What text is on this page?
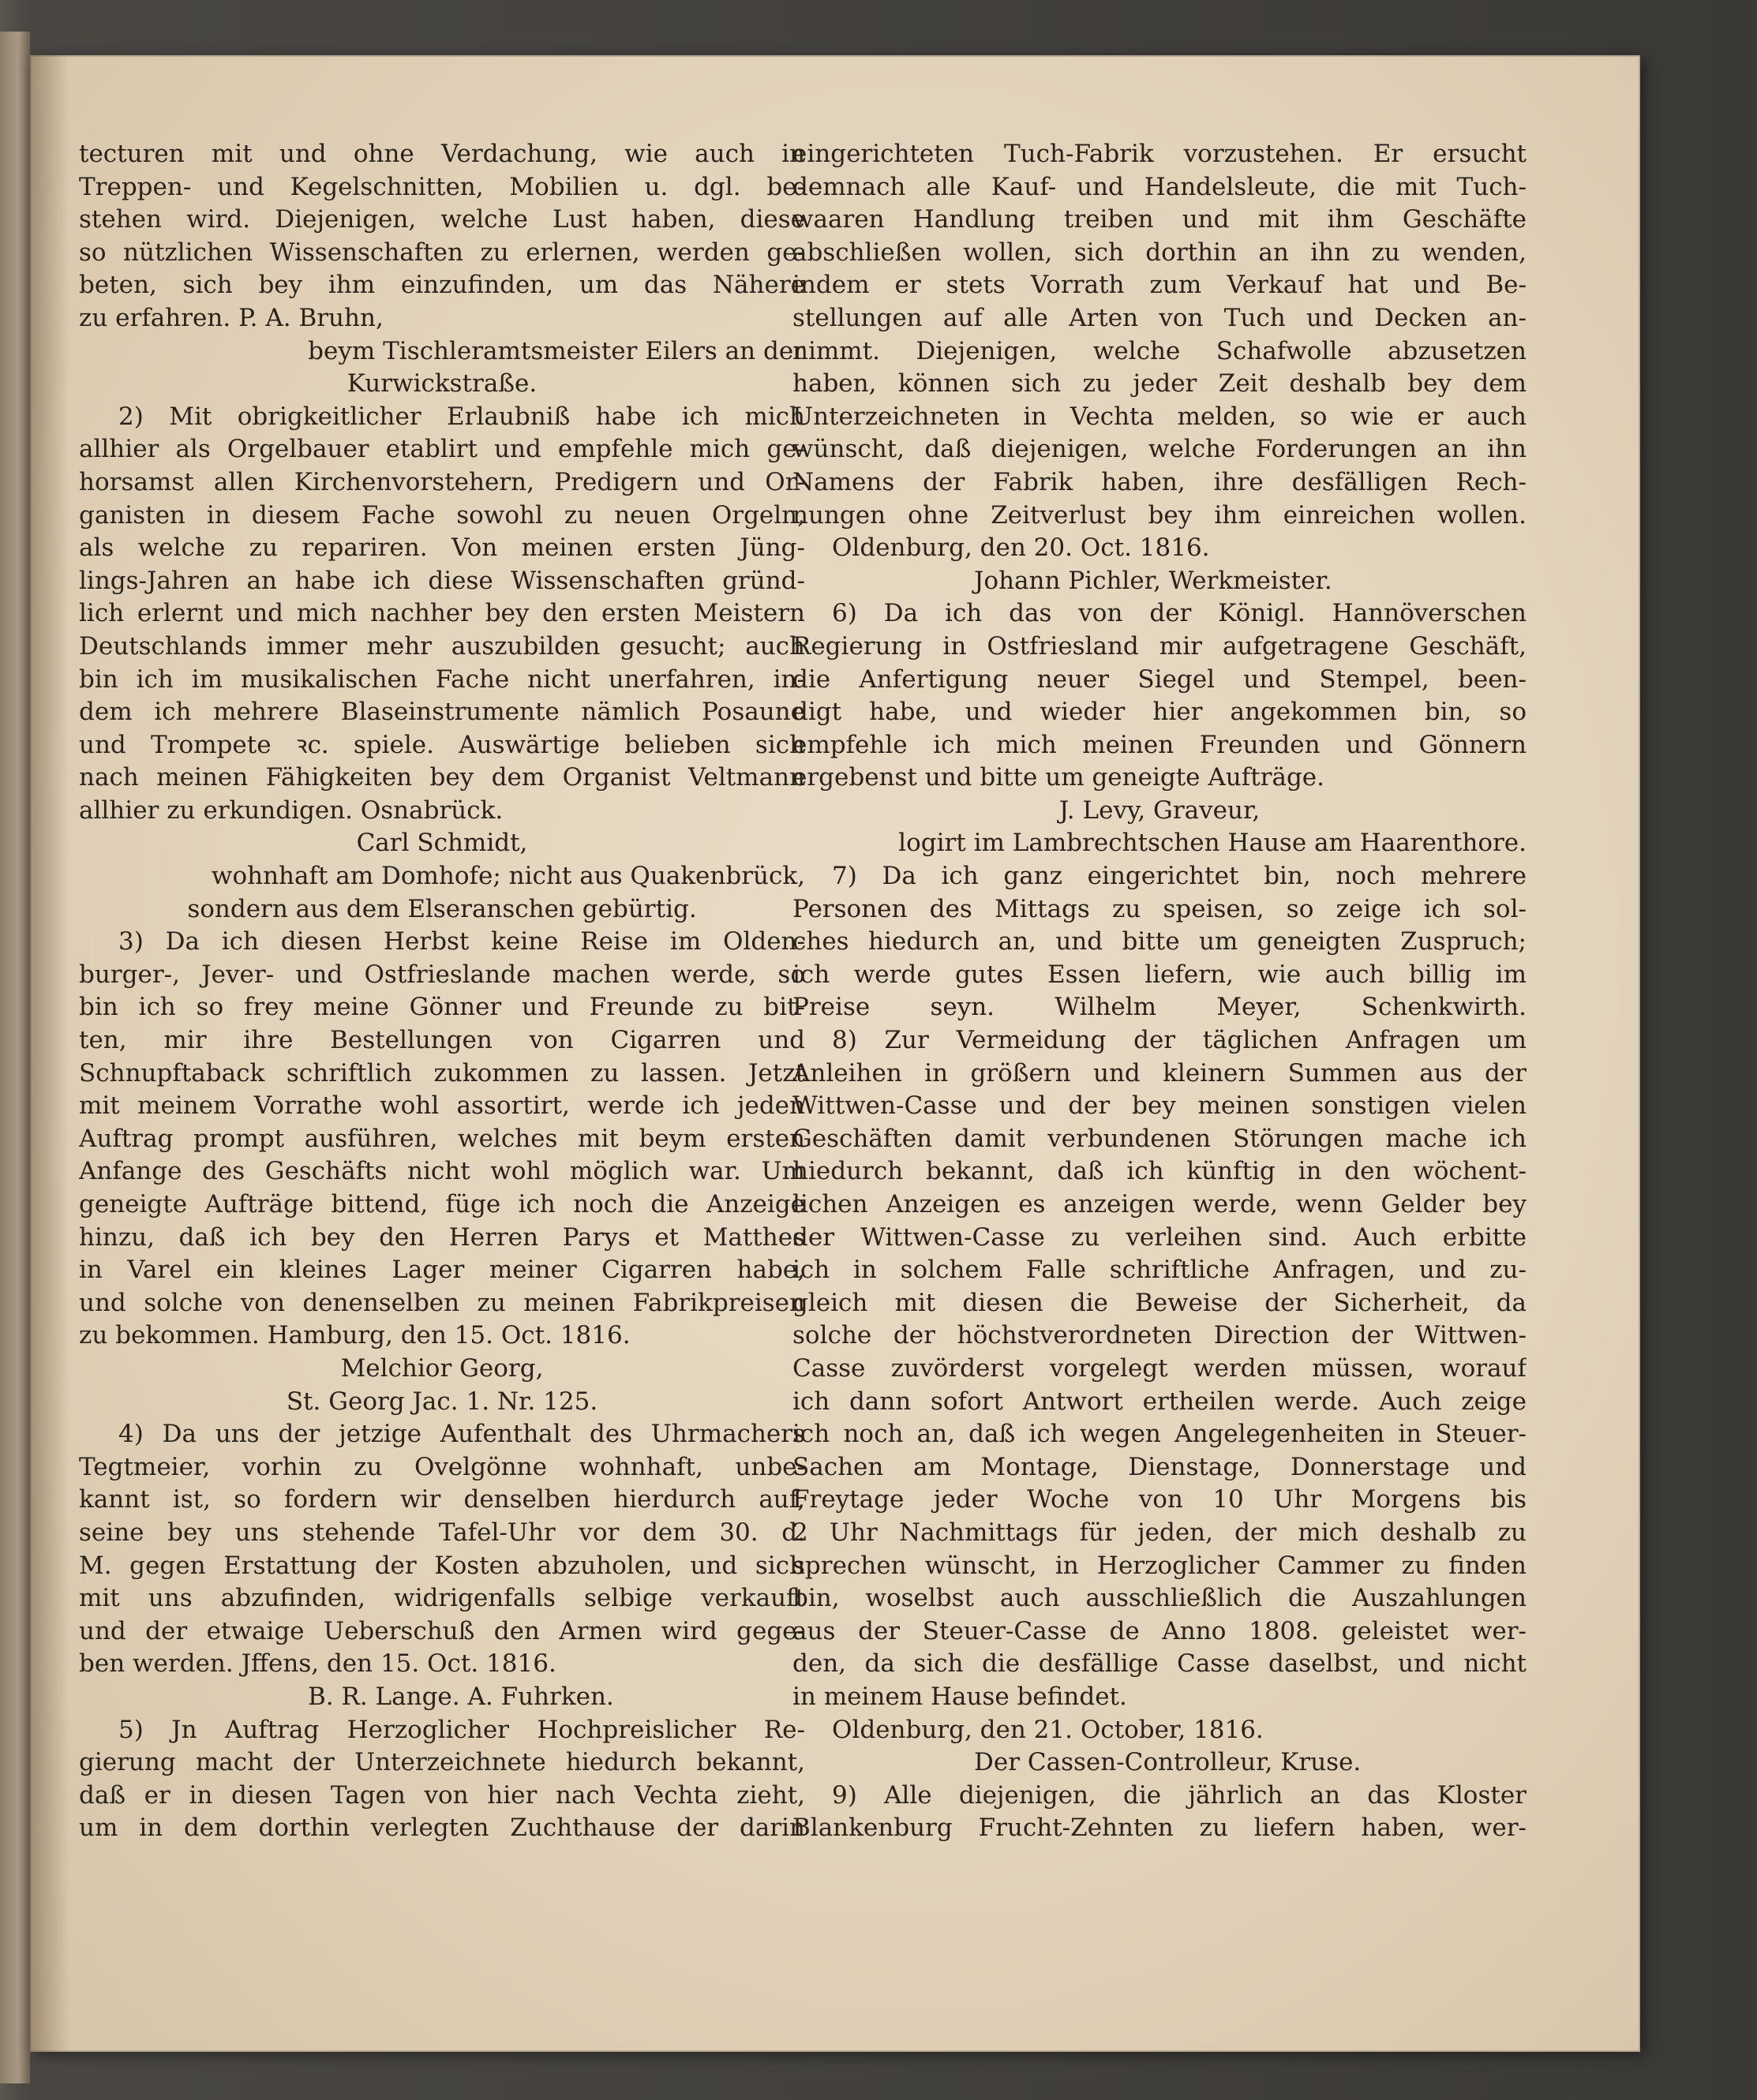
tecturen mit und ohne Verdachung, wie auch in
Treppen- und Kegelschnitten, Mobilien u. dgl. be-
stehen wird. Diejenigen, welche Lust haben, diese
so nützlichen Wissenschaften zu erlernen, werden ge-
beten, sich bey ihm einzufinden, um das Nähere
zu erfahren. P. A. Bruhn,
beym Tischleramtsmeister Eilers an der
Kurwickstraße.
2) Mit obrigkeitlicher Erlaubniß habe ich mich
allhier als Orgelbauer etablirt und empfehle mich ge-
horsamst allen Kirchenvorstehern, Predigern und Or-
ganisten in diesem Fache sowohl zu neuen Orgeln,
als welche zu repariren. Von meinen ersten Jüng-
lings-Jahren an habe ich diese Wissenschaften gründ-
lich erlernt und mich nachher bey den ersten Meistern
Deutschlands immer mehr auszubilden gesucht; auch
bin ich im musikalischen Fache nicht unerfahren, in-
dem ich mehrere Blaseinstrumente nämlich Posaune
und Trompete ꝛc. spiele. Auswärtige belieben sich
nach meinen Fähigkeiten bey dem Organist Veltmann
allhier zu erkundigen. Osnabrück.
Carl Schmidt,
wohnhaft am Domhofe; nicht aus Quakenbrück,
sondern aus dem Elseranschen gebürtig.
3) Da ich diesen Herbst keine Reise im Olden-
burger-, Jever- und Ostfrieslande machen werde, so
bin ich so frey meine Gönner und Freunde zu bit-
ten, mir ihre Bestellungen von Cigarren und
Schnupftaback schriftlich zukommen zu lassen. Jetzt
mit meinem Vorrathe wohl assortirt, werde ich jeden
Auftrag prompt ausführen, welches mit beym ersten
Anfange des Geschäfts nicht wohl möglich war. Um
geneigte Aufträge bittend, füge ich noch die Anzeige
hinzu, daß ich bey den Herren Parys et Matthes
in Varel ein kleines Lager meiner Cigarren habe,
und solche von denenselben zu meinen Fabrikpreisen
zu bekommen. Hamburg, den 15. Oct. 1816.
Melchior Georg,
St. Georg Jac. 1. Nr. 125.
4) Da uns der jetzige Aufenthalt des Uhrmachers
Tegtmeier, vorhin zu Ovelgönne wohnhaft, unbe-
kannt ist, so fordern wir denselben hierdurch auf,
seine bey uns stehende Tafel-Uhr vor dem 30. d.
M. gegen Erstattung der Kosten abzuholen, und sich
mit uns abzufinden, widrigenfalls selbige verkauft
und der etwaige Ueberschuß den Armen wird gege-
ben werden. Jffens, den 15. Oct. 1816.
B. R. Lange. A. Fuhrken.
5) Jn Auftrag Herzoglicher Hochpreislicher Re-
gierung macht der Unterzeichnete hiedurch bekannt,
daß er in diesen Tagen von hier nach Vechta zieht,
um in dem dorthin verlegten Zuchthause der darin
eingerichteten Tuch-Fabrik vorzustehen. Er ersucht
demnach alle Kauf- und Handelsleute, die mit Tuch-
waaren Handlung treiben und mit ihm Geschäfte
abschließen wollen, sich dorthin an ihn zu wenden,
indem er stets Vorrath zum Verkauf hat und Be-
stellungen auf alle Arten von Tuch und Decken an-
nimmt. Diejenigen, welche Schafwolle abzusetzen
haben, können sich zu jeder Zeit deshalb bey dem
Unterzeichneten in Vechta melden, so wie er auch
wünscht, daß diejenigen, welche Forderungen an ihn
Namens der Fabrik haben, ihre desfälligen Rech-
nungen ohne Zeitverlust bey ihm einreichen wollen.
Oldenburg, den 20. Oct. 1816.
Johann Pichler, Werkmeister.
6) Da ich das von der Königl. Hannöverschen
Regierung in Ostfriesland mir aufgetragene Geschäft,
die Anfertigung neuer Siegel und Stempel, been-
digt habe, und wieder hier angekommen bin, so
empfehle ich mich meinen Freunden und Gönnern
ergebenst und bitte um geneigte Aufträge.
J. Levy, Graveur,
logirt im Lambrechtschen Hause am Haarenthore.
7) Da ich ganz eingerichtet bin, noch mehrere
Personen des Mittags zu speisen, so zeige ich sol-
ches hiedurch an, und bitte um geneigten Zuspruch;
ich werde gutes Essen liefern, wie auch billig im
Preise seyn. Wilhelm Meyer, Schenkwirth.
8) Zur Vermeidung der täglichen Anfragen um
Anleihen in größern und kleinern Summen aus der
Wittwen-Casse und der bey meinen sonstigen vielen
Geschäften damit verbundenen Störungen mache ich
hiedurch bekannt, daß ich künftig in den wöchent-
lichen Anzeigen es anzeigen werde, wenn Gelder bey
der Wittwen-Casse zu verleihen sind. Auch erbitte
ich in solchem Falle schriftliche Anfragen, und zu-
gleich mit diesen die Beweise der Sicherheit, da
solche der höchstverordneten Direction der Wittwen-
Casse zuvörderst vorgelegt werden müssen, worauf
ich dann sofort Antwort ertheilen werde. Auch zeige
ich noch an, daß ich wegen Angelegenheiten in Steuer-
Sachen am Montage, Dienstage, Donnerstage und
Freytage jeder Woche von 10 Uhr Morgens bis
2 Uhr Nachmittags für jeden, der mich deshalb zu
sprechen wünscht, in Herzoglicher Cammer zu finden
bin, woselbst auch ausschließlich die Auszahlungen
aus der Steuer-Casse de Anno 1808. geleistet wer-
den, da sich die desfällige Casse daselbst, und nicht
in meinem Hause befindet.
Oldenburg, den 21. October, 1816.
Der Cassen-Controlleur, Kruse.
9) Alle diejenigen, die jährlich an das Kloster
Blankenburg Frucht-Zehnten zu liefern haben, wer-
